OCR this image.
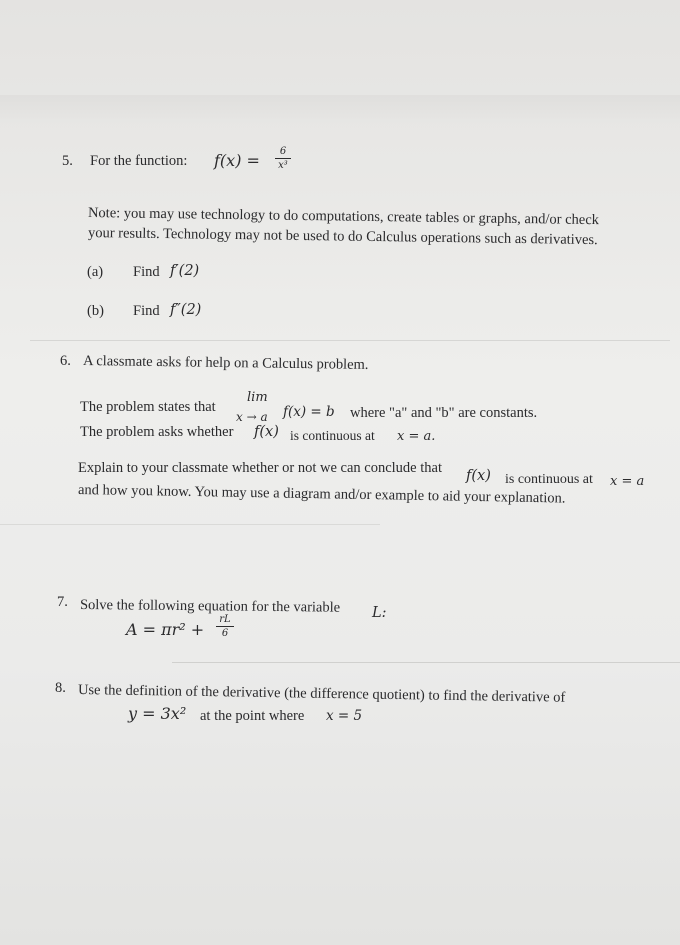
5. For the function: f(x) =	6
x³
Note: you may use technology to do computations, create tables or graphs, and/or check
your results. Technology may not be used to do Calculus operations such as derivatives.
(a) Find f′(2)
(b) Find f″(2)
6. A classmate asks for help on a Calculus problem.
The problem states that
lim
x → a f(x) = b where "a" and "b" are constants.
The problem asks whether f(x) is continuous at x = a.
Explain to your classmate whether or not we can conclude that f(x) is continuous at x = a
and how you know. You may use a diagram and/or example to aid your explanation.
7. Solve the following equation for the variable L:
A = πr² +
rL
6
8. Use the definition of the derivative (the difference quotient) to find the derivative of
y = 3x² at the point where x = 5
